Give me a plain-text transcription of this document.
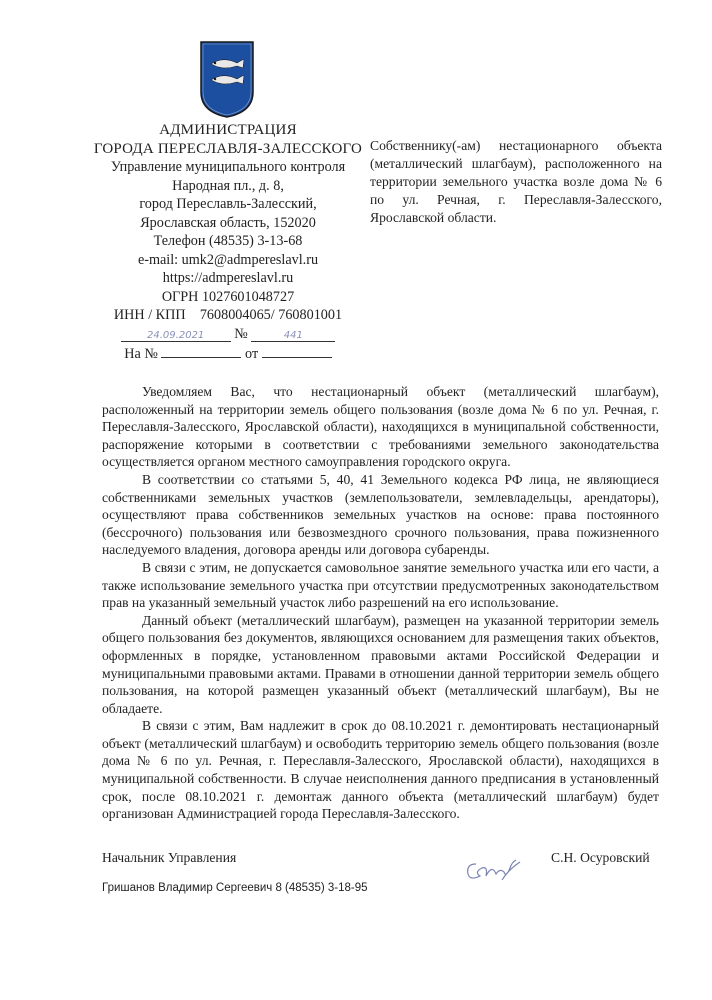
АДМИНИСТРАЦИЯ
ГОРОДА ПЕРЕСЛАВЛЯ-ЗАЛЕССКОГО
Управление муниципального контроля
Народная пл., д. 8,
город Переславль-Залесский,
Ярославская область, 152020
Телефон (48535) 3-13-68
e-mail: umk2@admpereslavl.ru
https://admpereslavl.ru
ОГРН 1027601048727
ИНН / КПП    7608004065/ 760801001
24.09.2021 №	441
На №	от
Собственнику(-ам) нестационарного объекта (металлический шлагбаум), расположенного на территории земельного участка возле дома № 6 по ул. Речная, г. Переславля-Залесского, Ярославской области.

Уведомляем Вас, что нестационарный объект (металлический шлагбаум), расположенный на территории земель общего пользования (возле дома № 6 по ул. Речная, г. Переславля-Залесского, Ярославской области), находящихся в муниципальной собственности, распоряжение которыми в соответствии с требованиями земельного законодательства осуществляется органом местного самоуправления городского округа.

В соответствии со статьями 5, 40, 41 Земельного кодекса РФ лица, не являющиеся собственниками земельных участков (землепользователи, землевладельцы, арендаторы), осуществляют права собственников земельных участков на основе: права постоянного (бессрочного) пользования или безвозмездного срочного пользования, права пожизненного наследуемого владения, договора аренды или договора субаренды.

В связи с этим, не допускается самовольное занятие земельного участка или его части, а также использование земельного участка при отсутствии предусмотренных законодательством прав на указанный земельный участок либо разрешений на его использование.

Данный объект (металлический шлагбаум), размещен на указанной территории земель общего пользования без документов, являющихся основанием для размещения таких объектов, оформленных в порядке, установленном правовыми актами Российской Федерации и муниципальными правовыми актами. Правами в отношении данной территории земель общего пользования, на которой размещен указанный объект (металлический шлагбаум), Вы не обладаете.

В связи с этим, Вам надлежит в срок до 08.10.2021 г. демонтировать нестационарный объект (металлический шлагбаум) и освободить территорию земель общего пользования (возле дома № 6 по ул. Речная, г. Переславля-Залесского, Ярославской области), находящихся в муниципальной собственности. В случае неисполнения данного предписания в установленный срок, после 08.10.2021 г. демонтаж данного объекта (металлический шлагбаум) будет организован Администрацией города Переславля-Залесского.

Начальник Управления	С.Н. Осуровский
Гришанов Владимир Сергеевич 8 (48535) 3-18-95
